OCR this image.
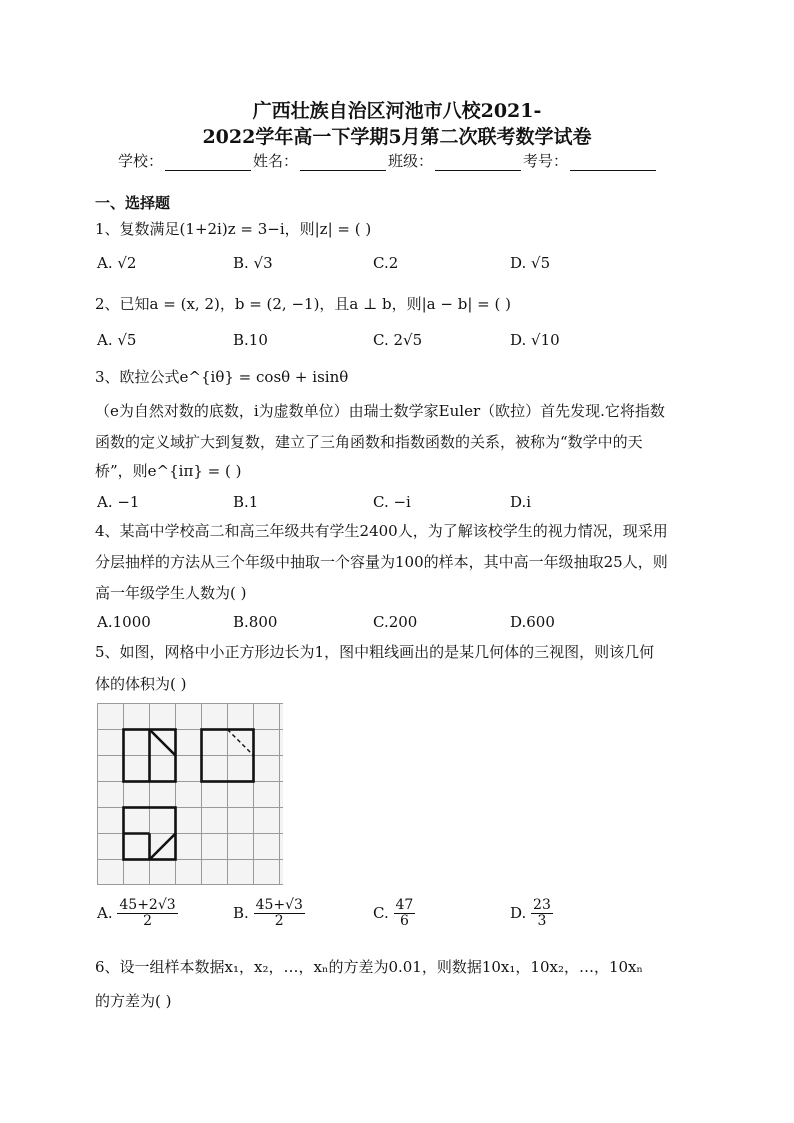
广西壮族自治区河池市八校2021-
2022学年高一下学期5月第二次联考数学试卷
学校：	姓名：	班级：	考号：
一、选择题
1、复数满足(1+2i)z = 3−i，则|z| = ( )
A. √2	B. √3	C.2	D. √5
2、已知a = (x, 2)，b = (2, −1)，且a ⊥ b，则|a − b| = ( )
A. √5	B.10	C. 2√5	D. √10
3、欧拉公式e^{iθ} = cosθ + isinθ
（e为自然对数的底数，i为虚数单位）由瑞士数学家Euler（欧拉）首先发现.它将指数
函数的定义域扩大到复数，建立了三角函数和指数函数的关系，被称为“数学中的天
桥”，则e^{iπ} = ( )
A. −1	B.1	C. −i	D.i
4、某高中学校高二和高三年级共有学生2400人，为了解该校学生的视力情况，现采用
分层抽样的方法从三个年级中抽取一个容量为100的样本，其中高一年级抽取25人，则
高一年级学生人数为( )
A.1000	B.800	C.200	D.600
5、如图，网格中小正方形边长为1，图中粗线画出的是某几何体的三视图，则该几何
体的体积为( )
A. $\frac{45+2√3}{2}$	B. $\frac{45+√3}{2}$	C. $\frac{47}{6}$	D. $\frac{23}{3}$
6、设一组样本数据x₁，x₂，…，xₙ的方差为0.01，则数据10x₁，10x₂，…，10xₙ
的方差为( )
